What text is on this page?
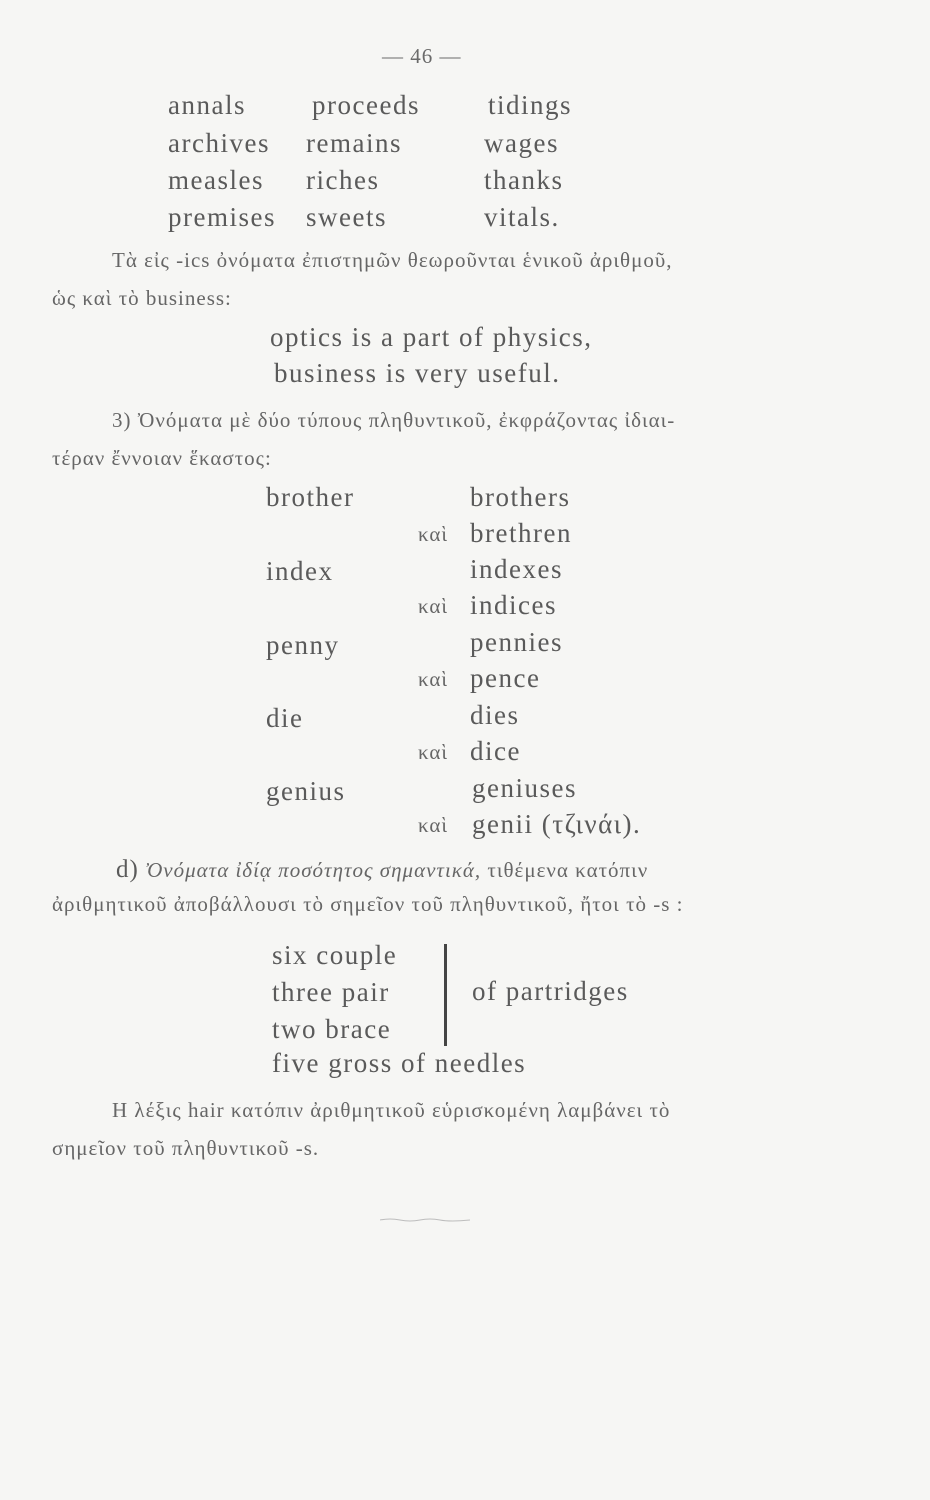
— 46 —
annals proceeds	tidings
archives remains	wages
measles riches	thanks
premises sweets	vitals.
Τὰ εἰς -ics ὀνόματα ἐπιστημῶν θεωροῦνται ἑνικοῦ ἀριθμοῦ,
ὡς καὶ τὸ business:
optics is a part of physics,
business is very useful.
3) Ὀνόματα μὲ δύο τύπους πληθυντικοῦ, ἐκφράζοντας ἰδιαι-
τέραν ἔννοιαν ἕκαστος:
brother	brothers
καὶ brethren
index	indexes
καὶ indices
penny	pennies
καὶ pence
die	dies
καὶ dice
genius	geniuses
καὶ genii (τζινάι).
d) Ὀνόματα ἰδίᾳ ποσότητος σημαντικά, τιθέμενα κατόπιν
ἀριθμητικοῦ ἀποβάλλουσι τὸ σημεῖον τοῦ πληθυντικοῦ, ἤτοι τὸ -s :
six couple
three pair
two brace
of partridges
five gross of needles
Η λέξις hair κατόπιν ἀριθμητικοῦ εὑρισκομένη λαμβάνει τὸ
σημεῖον τοῦ πληθυντικοῦ -s.
